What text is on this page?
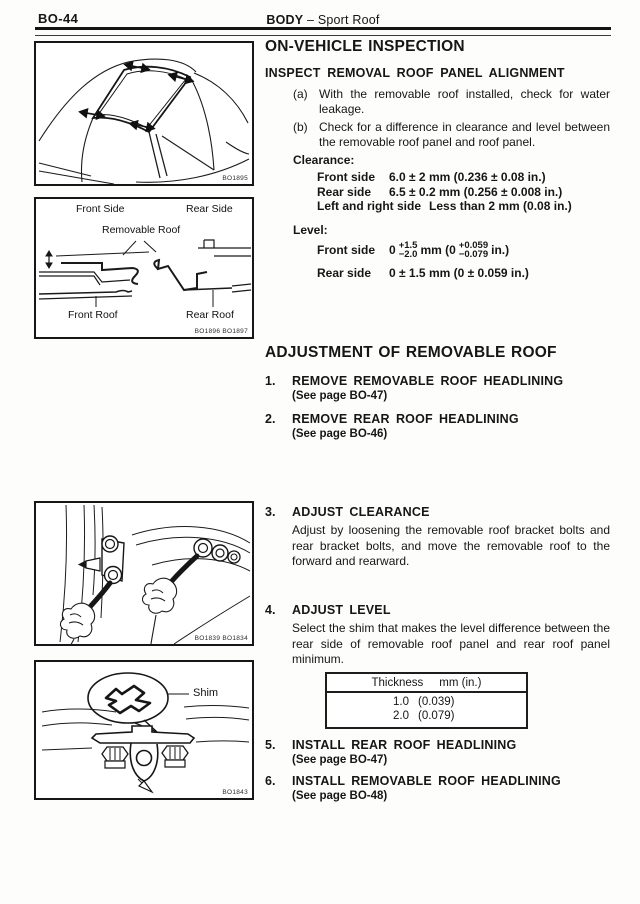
BO-44	BODY – Sport Roof
BO1895
Front Side	Rear Side
Removable Roof
Front Roof	Rear Roof
BO1896 BO1897
BO1839 BO1834
Shim
BO1843
ON-VEHICLE INSPECTION
INSPECT REMOVAL ROOF PANEL ALIGNMENT
(a) With the removable roof installed, check for water leakage.
(b) Check for a difference in clearance and level between the removable roof panel and roof panel.
Clearance:
Front side	6.0 ± 2 mm (0.236 ± 0.08 in.)
Rear side	6.5 ± 0.2 mm (0.256 ± 0.008 in.)
Left and right side Less than 2 mm (0.08 in.)
Level:
Front side	0 +1.5
−2.0 mm (0 +0.059
−0.079 in.)
Rear side	0 ± 1.5 mm (0 ± 0.059 in.)
ADJUSTMENT OF REMOVABLE ROOF
1.	REMOVE REMOVABLE ROOF HEADLINING
(See page BO-47)
2.	REMOVE REAR ROOF HEADLINING
(See page BO-46)
3.	ADJUST CLEARANCE
Adjust by loosening the removable roof bracket bolts and rear bracket bolts, and move the removable roof to the forward and rearward.
4.	ADJUST LEVEL
Select the shim that makes the level difference between the rear side of removable roof panel and rear roof panel minimum.
Thickness mm (in.)
1.0 (0.039)
2.0 (0.079)
5.	INSTALL REAR ROOF HEADLINING
(See page BO-47)
6.	INSTALL REMOVABLE ROOF HEADLINING
(See page BO-48)
